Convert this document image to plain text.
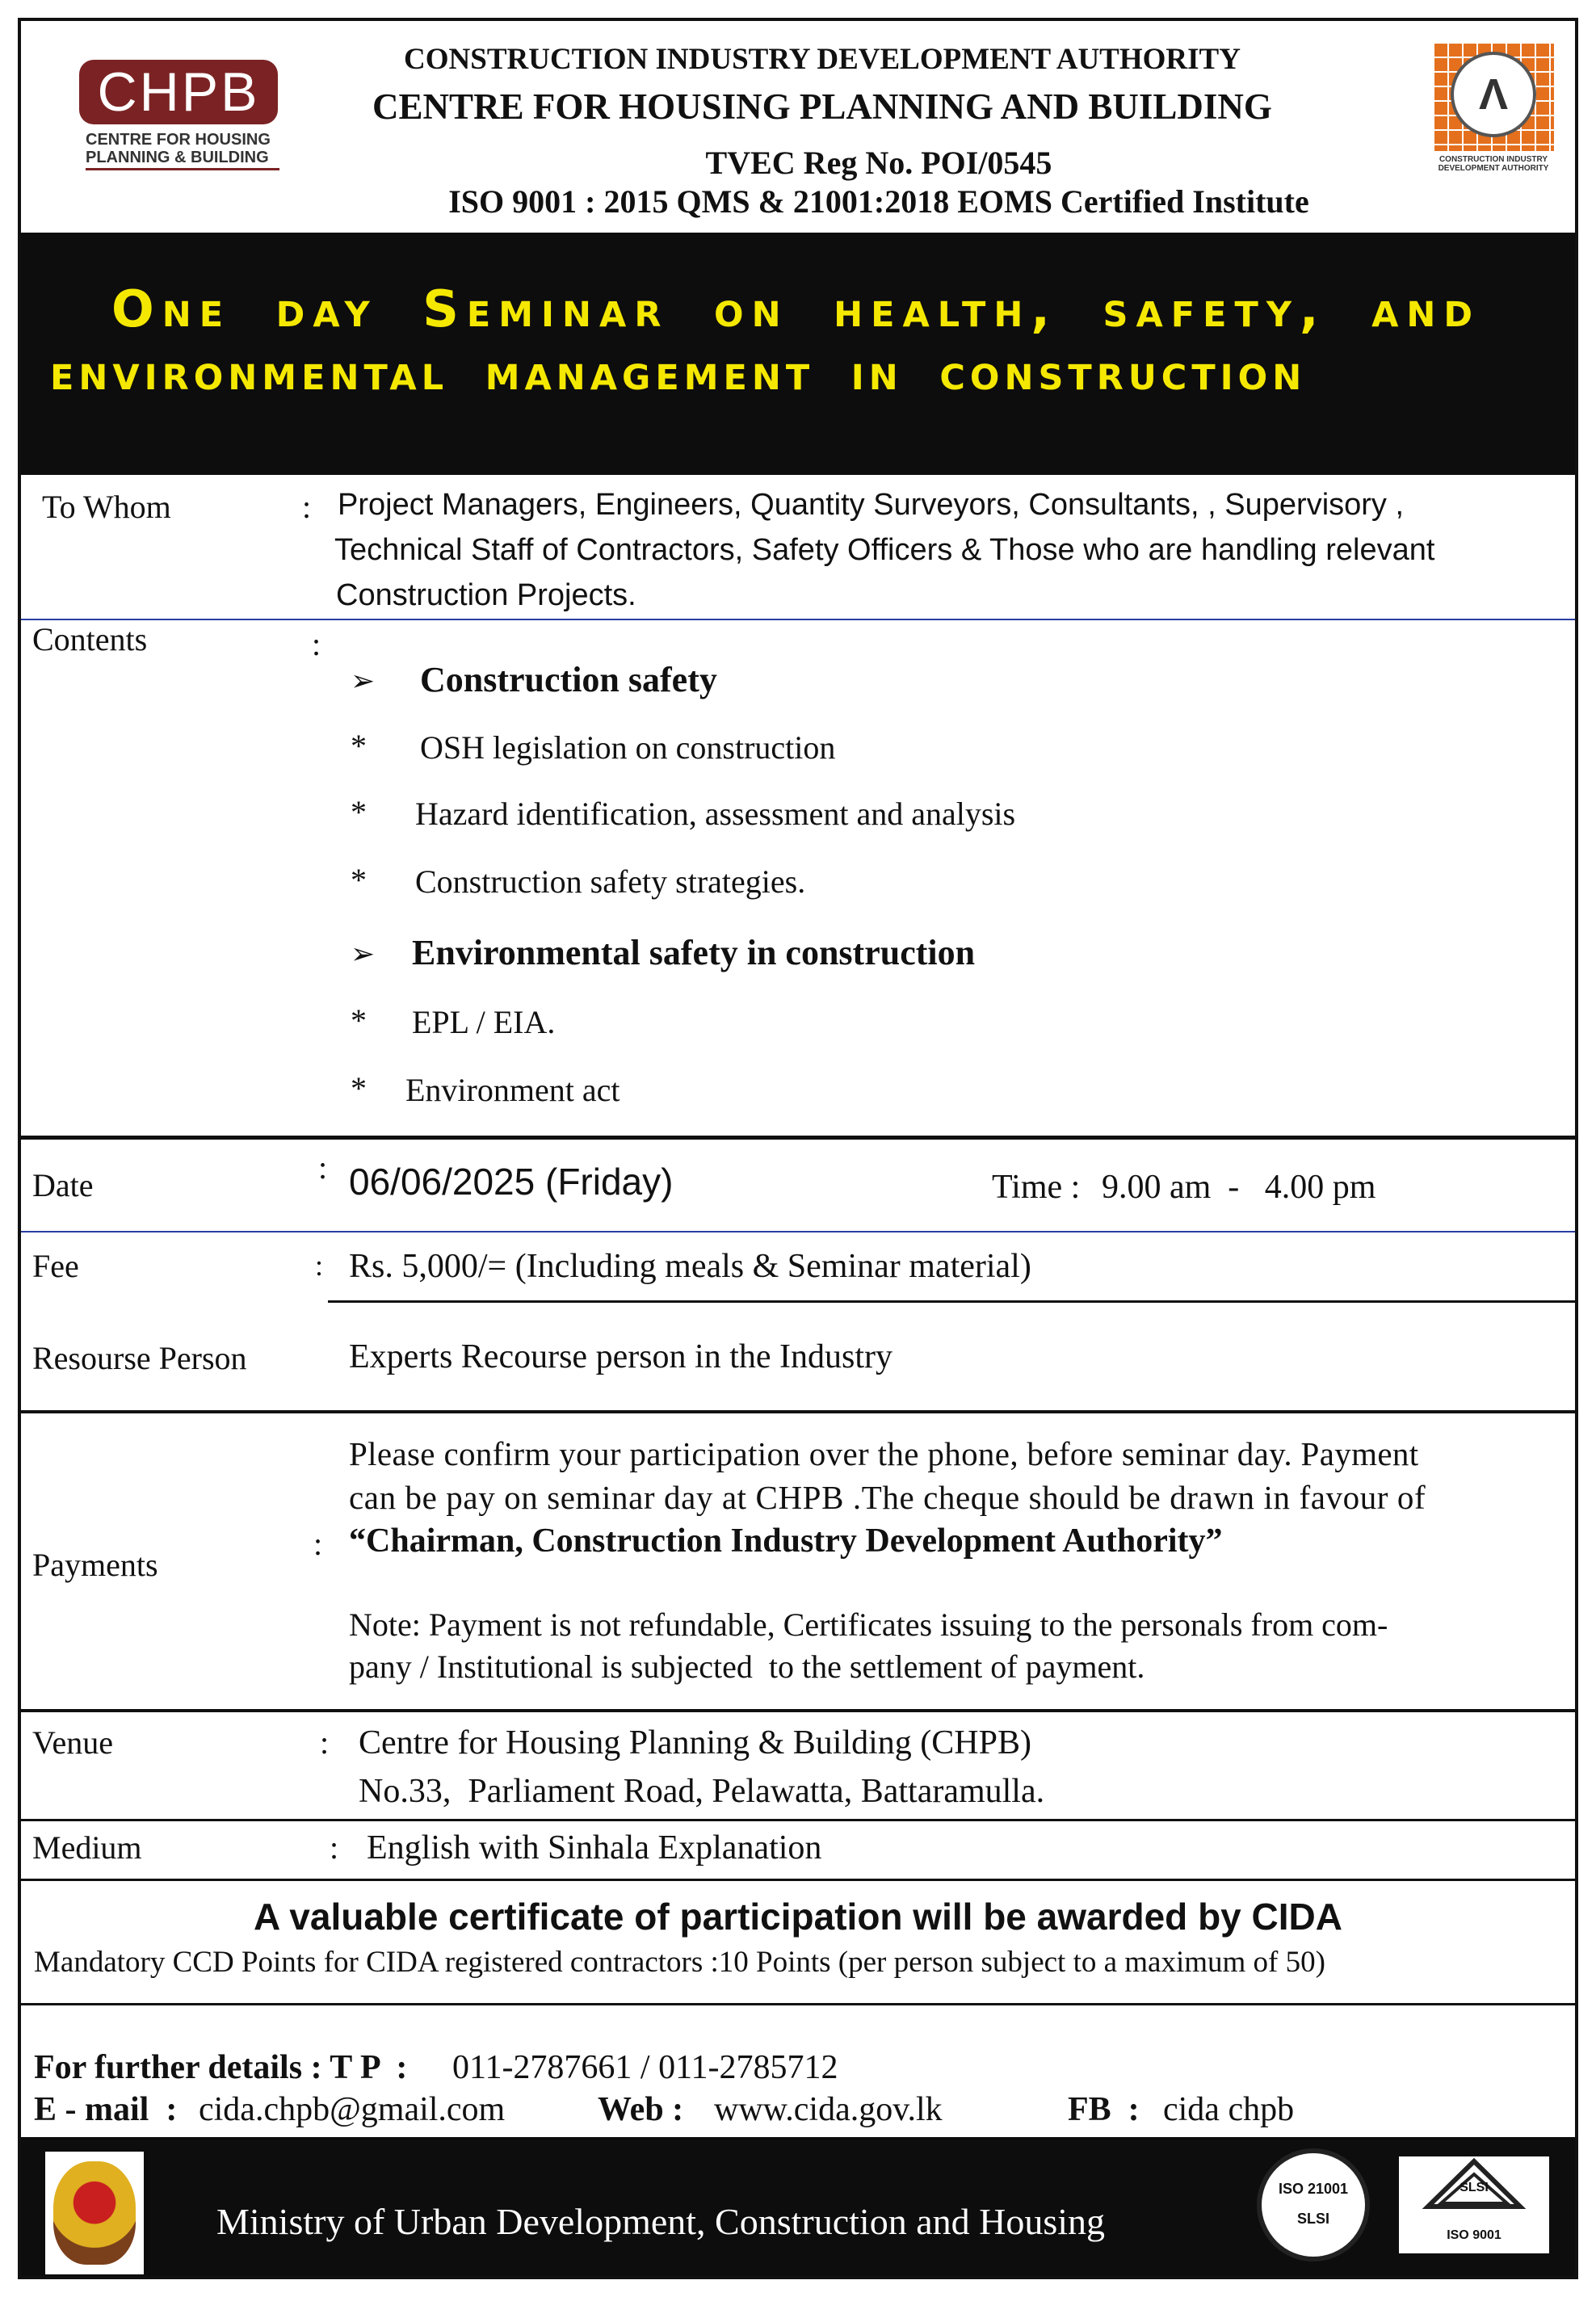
CHPB
CENTRE FOR HOUSING
PLANNING & BUILDING
CONSTRUCTION INDUSTRY DEVELOPMENT AUTHORITY
CENTRE FOR HOUSING PLANNING AND BUILDING
TVEC Reg No. POI/0545
ISO 9001 : 2015 QMS & 21001:2018 EOMS Certified Institute
Λ
CONSTRUCTION INDUSTRY DEVELOPMENT AUTHORITY
One day Seminar on health, safety, and
environmental management in construction
To Whom	: Project Managers, Engineers, Quantity Surveyors, Consultants, , Supervisory ,
Technical Staff of Contractors, Safety Officers & Those who are handling relevant
Construction Projects.
Contents	:
➢ Construction safety
* OSH legislation on construction
* Hazard identification, assessment and analysis
* Construction safety strategies.
➢ Environmental safety in construction
* EPL / EIA.
* Environment act
Date	: 06/06/2025 (Friday)	Time : 9.00 am  -   4.00 pm
Fee	: Rs. 5,000/= (Including meals & Seminar material)
Resourse Person	Experts Recourse person in the Industry
Payments
:
Please confirm your participation over the phone, before seminar day. Payment
can be pay on seminar day at CHPB .The cheque should be drawn in favour of
“Chairman, Construction Industry Development Authority”
Note: Payment is not refundable, Certificates issuing to the personals from com-
pany / Institutional is subjected  to the settlement of payment.
Venue	: Centre for Housing Planning & Building (CHPB)
No.33,  Parliament Road, Pelawatta, Battaramulla.
Medium	: English with Sinhala Explanation
A valuable certificate of participation will be awarded by CIDA
Mandatory CCD Points for CIDA registered contractors :10 Points (per person subject to a maximum of 50)
For further details : T P  : 011-2787661 / 011-2785712
E - mail  : cida.chpb@gmail.com	Web : www.cida.gov.lk	FB  : cida chpb
Ministry of Urban Development, Construction and Housing
ISO 21001
SLSI
SLSI
ISO 9001
